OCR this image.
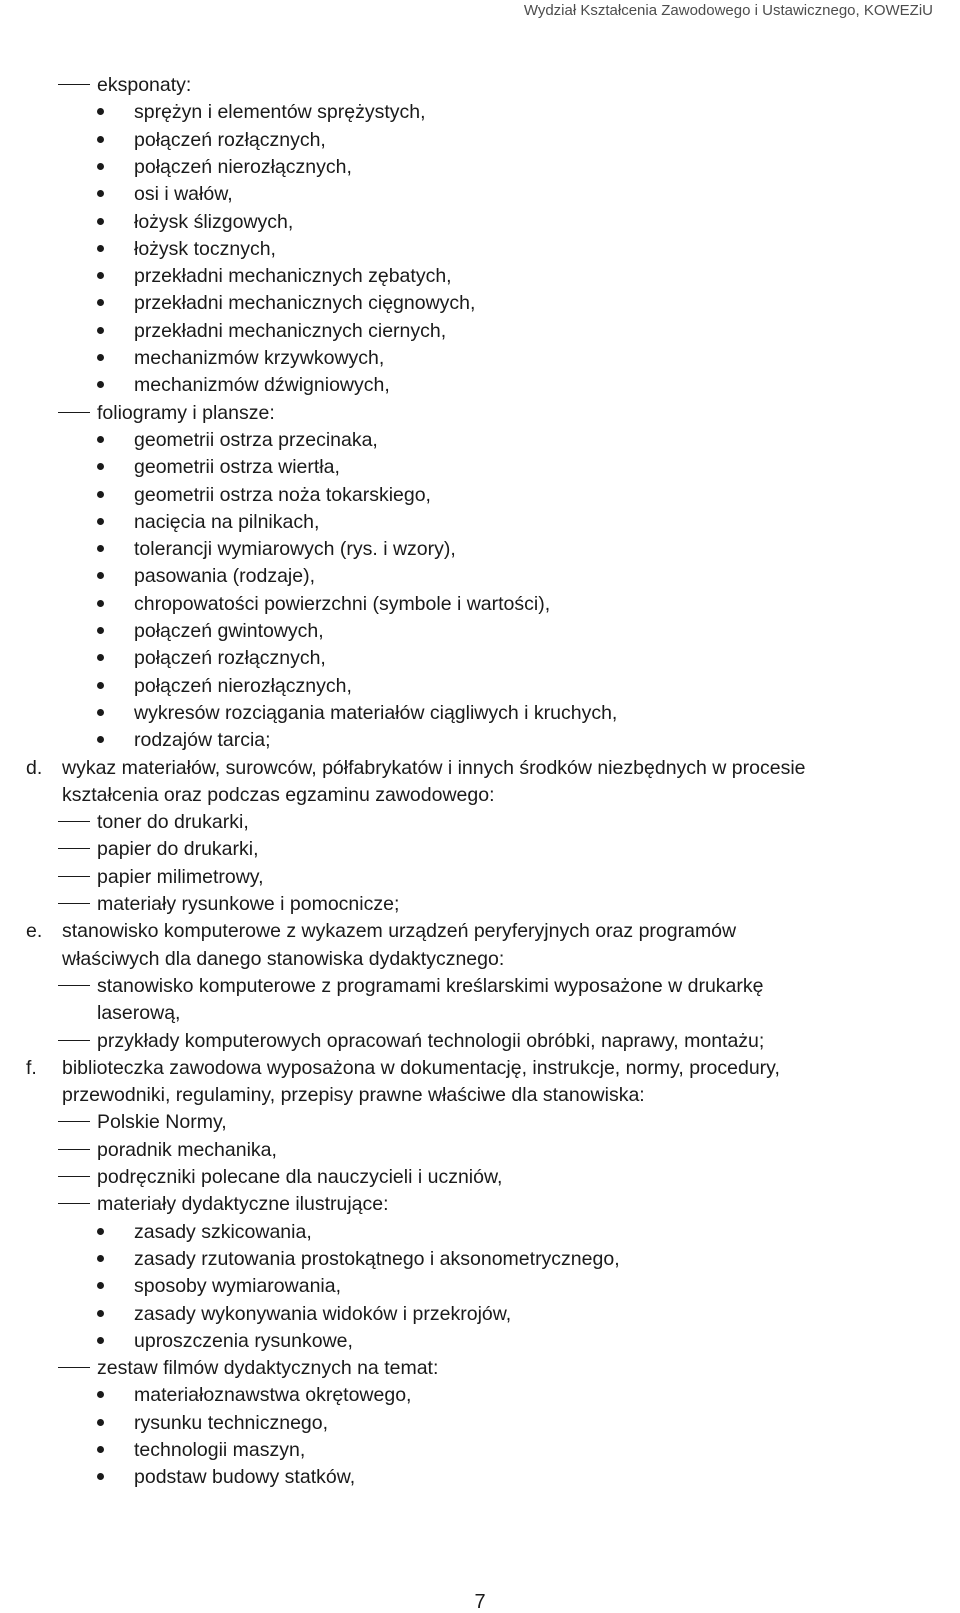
Wydział Kształcenia Zawodowego i Ustawicznego, KOWEZiU
eksponaty:
sprężyn i elementów sprężystych,
połączeń rozłącznych,
połączeń nierozłącznych,
osi i wałów,
łożysk ślizgowych,
łożysk tocznych,
przekładni mechanicznych zębatych,
przekładni mechanicznych cięgnowych,
przekładni mechanicznych ciernych,
mechanizmów krzywkowych,
mechanizmów dźwigniowych,
foliogramy i plansze:
geometrii ostrza przecinaka,
geometrii ostrza wiertła,
geometrii ostrza noża tokarskiego,
nacięcia na pilnikach,
tolerancji wymiarowych (rys. i wzory),
pasowania (rodzaje),
chropowatości powierzchni (symbole i wartości),
połączeń gwintowych,
połączeń rozłącznych,
połączeń nierozłącznych,
wykresów rozciągania materiałów ciągliwych i kruchych,
rodzajów tarcia;
d. wykaz materiałów, surowców, półfabrykatów i innych środków niezbędnych w procesie
kształcenia oraz podczas egzaminu zawodowego:
toner do drukarki,
papier do drukarki,
papier milimetrowy,
materiały rysunkowe i pomocnicze;
e. stanowisko komputerowe z wykazem urządzeń peryferyjnych oraz programów
właściwych dla danego stanowiska dydaktycznego:
stanowisko komputerowe z programami kreślarskimi wyposażone w drukarkę
laserową,
przykłady komputerowych opracowań technologii obróbki, naprawy, montażu;
f. biblioteczka zawodowa wyposażona w dokumentację, instrukcje, normy, procedury,
przewodniki, regulaminy, przepisy prawne właściwe dla stanowiska:
Polskie Normy,
poradnik mechanika,
podręczniki polecane dla nauczycieli i uczniów,
materiały dydaktyczne ilustrujące:
zasady szkicowania,
zasady rzutowania prostokątnego i aksonometrycznego,
sposoby wymiarowania,
zasady wykonywania widoków i przekrojów,
uproszczenia rysunkowe,
zestaw filmów dydaktycznych na temat:
materiałoznawstwa okrętowego,
rysunku technicznego,
technologii maszyn,
podstaw budowy statków,
7
